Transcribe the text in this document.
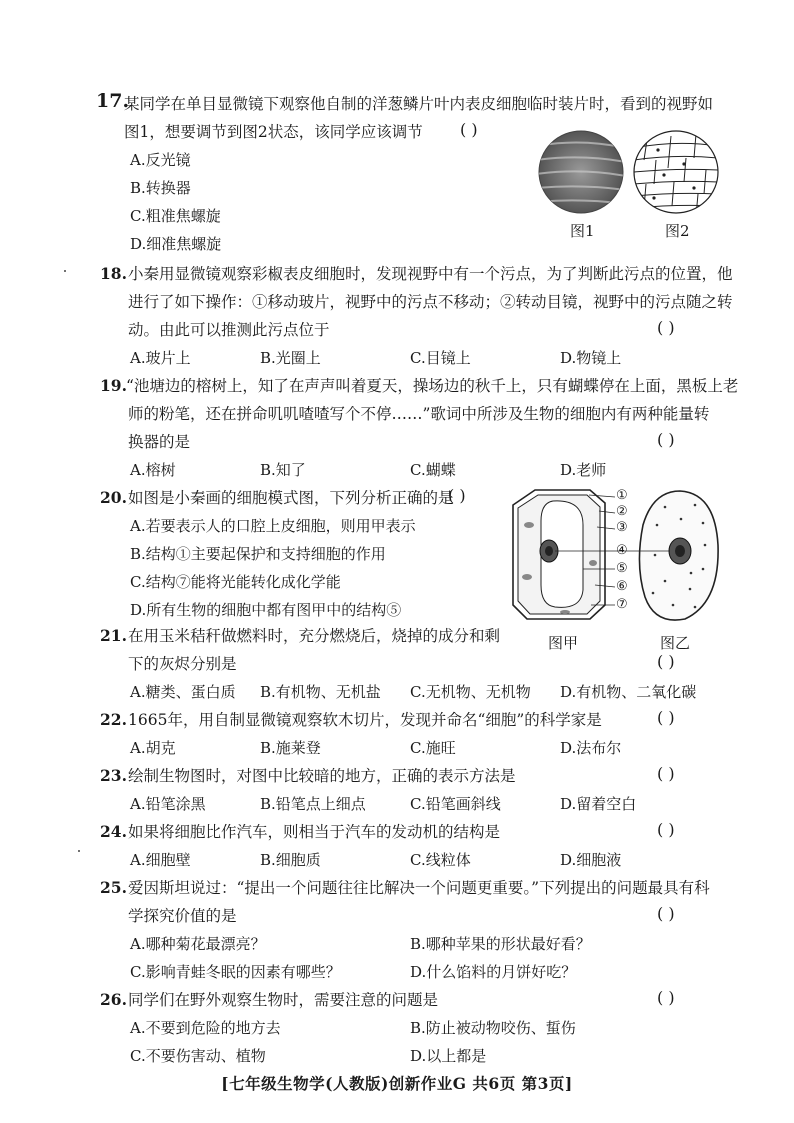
17.
某同学在单目显微镜下观察他自制的洋葱鳞片叶内表皮细胞临时装片时，看到的视野如
图1，想要调节到图2状态，该同学应该调节 ( )
A.反光镜
B.转换器
C.粗准焦螺旋
D.细准焦螺旋
图1	图2
18. 小秦用显微镜观察彩椒表皮细胞时，发现视野中有一个污点，为了判断此污点的位置，他
进行了如下操作：①移动玻片，视野中的污点不移动；②转动目镜，视野中的污点随之转
动。由此可以推测此污点位于	( )
A.玻片上	B.光圈上	C.目镜上	D.物镜上
19. “池塘边的榕树上，知了在声声叫着夏天，操场边的秋千上，只有蝴蝶停在上面，黑板上老
师的粉笔，还在拼命叽叽喳喳写个不停……”歌词中所涉及生物的细胞内有两种能量转
换器的是	( )
A.榕树	B.知了	C.蝴蝶	D.老师
20. 如图是小秦画的细胞模式图，下列分析正确的是
( )
A.若要表示人的口腔上皮细胞，则用甲表示
B.结构①主要起保护和支持细胞的作用
C.结构⑦能将光能转化成化学能
D.所有生物的细胞中都有图甲中的结构⑤
①
②
③
④
⑤
⑥
⑦
图甲	图乙
21. 在用玉米秸秆做燃料时，充分燃烧后，烧掉的成分和剩
下的灰烬分别是	( )
A.糖类、蛋白质 B.有机物、无机盐 C.无机物、无机物 D.有机物、二氧化碳
22. 1665年，用自制显微镜观察软木切片，发现并命名“细胞”的科学家是	( )
A.胡克	B.施莱登	C.施旺	D.法布尔
23. 绘制生物图时，对图中比较暗的地方，正确的表示方法是	( )
A.铅笔涂黑	B.铅笔点上细点	C.铅笔画斜线	D.留着空白
24. 如果将细胞比作汽车，则相当于汽车的发动机的结构是	( )
A.细胞壁	B.细胞质	C.线粒体	D.细胞液
25. 爱因斯坦说过：“提出一个问题往往比解决一个问题更重要。”下列提出的问题最具有科
学探究价值的是	( )
A.哪种菊花最漂亮？	B.哪种苹果的形状最好看？
C.影响青蛙冬眠的因素有哪些？	D.什么馅料的月饼好吃？
26. 同学们在野外观察生物时，需要注意的问题是	( )
A.不要到危险的地方去	B.防止被动物咬伤、蜇伤
C.不要伤害动、植物	D.以上都是
[七年级生物学(人教版)创新作业G 共6页 第3页]
